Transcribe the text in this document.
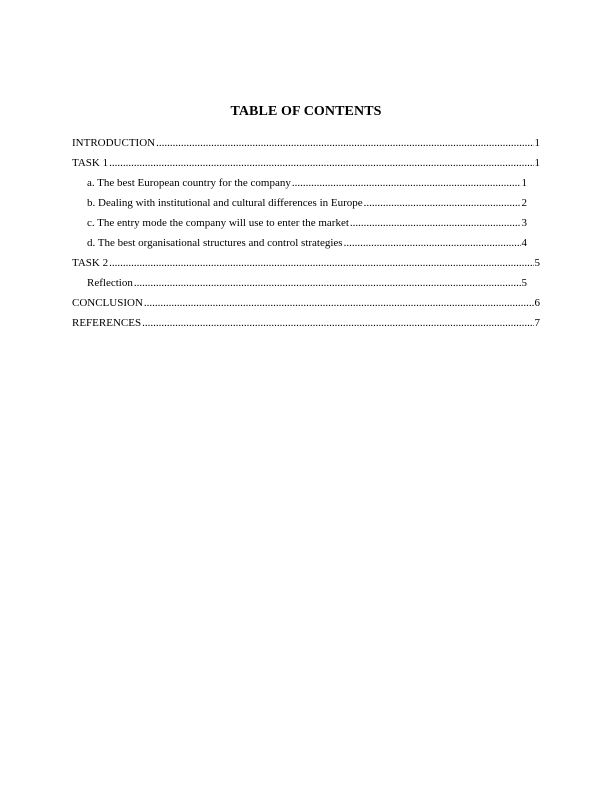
TABLE OF CONTENTS
INTRODUCTION .....	1
TASK 1 .....	1
a. The best European country for the company .....	1
b. Dealing with institutional and cultural differences in Europe .....	2
c. The entry mode the company will use to enter the market .....	3
d. The best organisational structures and control strategies .....	4
TASK 2 .....	5
Reflection .....	5
CONCLUSION .....	6
REFERENCES .....	7
